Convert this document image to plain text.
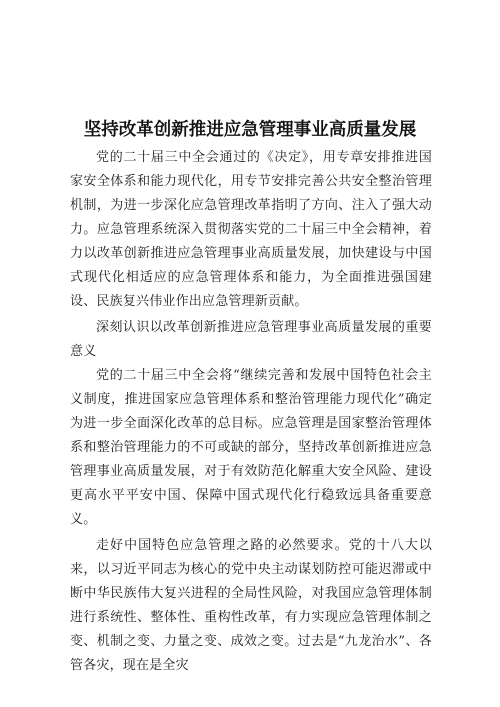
坚持改革创新推进应急管理事业高质量发展

党的二十届三中全会通过的《决定》，用专章安排推进国家安全体系和能力现代化，用专节安排完善公共安全整治管理机制，为进一步深化应急管理改革指明了方向、注入了强大动力。应急管理系统深入贯彻落实党的二十届三中全会精神，着力以改革创新推进应急管理事业高质量发展，加快建设与中国式现代化相适应的应急管理体系和能力，为全面推进强国建设、民族复兴伟业作出应急管理新贡献。

深刻认识以改革创新推进应急管理事业高质量发展的重要意义

党的二十届三中全会将“继续完善和发展中国特色社会主义制度，推进国家应急管理体系和整治管理能力现代化”确定为进一步全面深化改革的总目标。应急管理是国家整治管理体系和整治管理能力的不可或缺的部分，坚持改革创新推进应急管理事业高质量发展，对于有效防范化解重大安全风险、建设更高水平平安中国、保障中国式现代化行稳致远具备重要意义。

走好中国特色应急管理之路的必然要求。党的十八大以来，以习近平同志为核心的党中央主动谋划防控可能迟滞或中断中华民族伟大复兴进程的全局性风险，对我国应急管理体制进行系统性、整体性、重构性改革，有力实现应急管理体制之变、机制之变、力量之变、成效之变。过去是“九龙治水”、各管各灾，现在是全灾
